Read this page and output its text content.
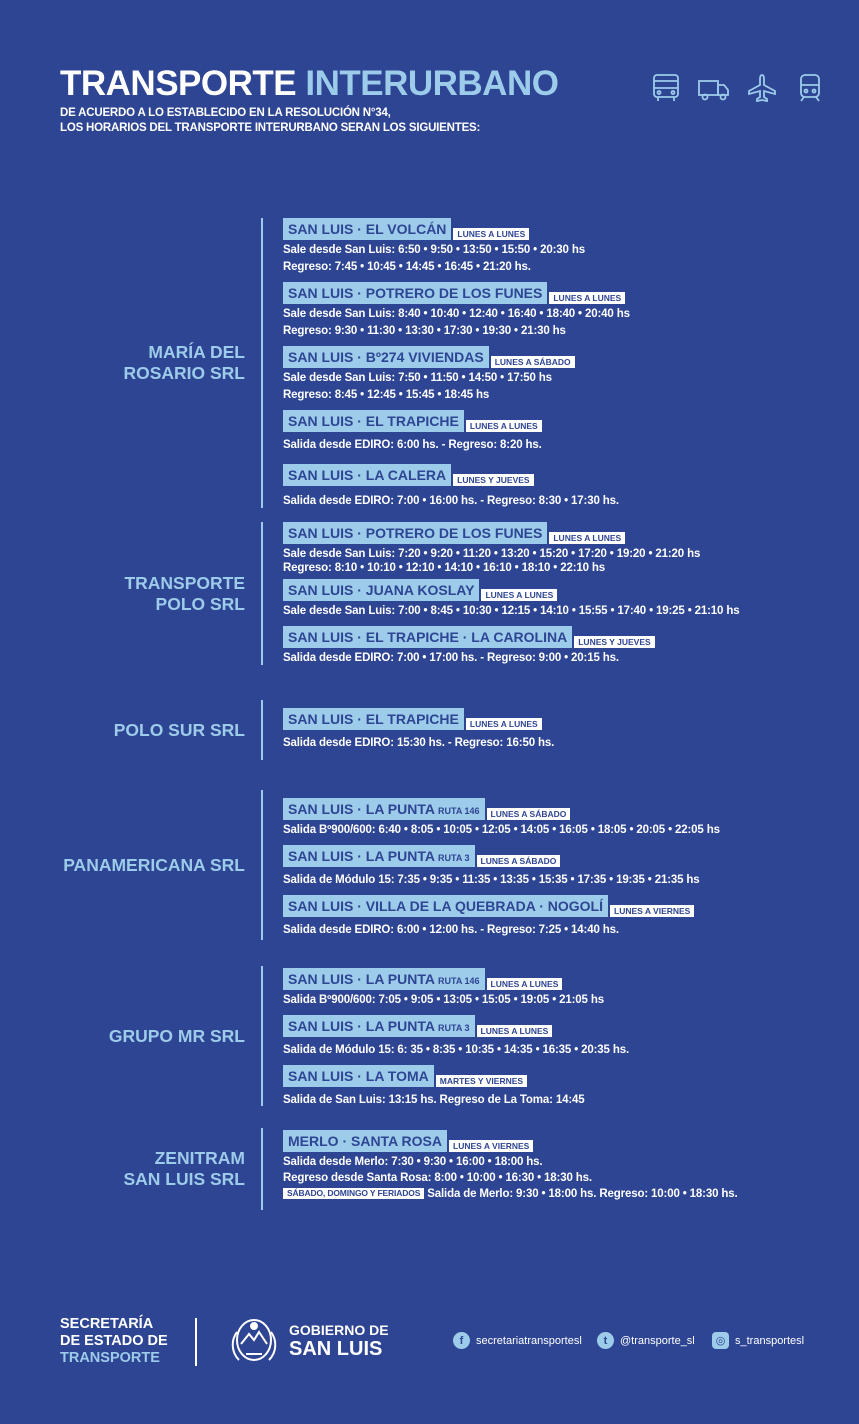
TRANSPORTE INTERURBANO
DE ACUERDO A LO ESTABLECIDO EN LA RESOLUCIÓN N°34,
LOS HORARIOS DEL TRANSPORTE INTERURBANO SERAN LOS SIGUIENTES:
MARÍA DEL
ROSARIO SRL
SAN LUIS · EL VOLCÁN	LUNES A LUNES
Sale desde San Luis: 6:50 • 9:50 • 13:50 • 15:50 • 20:30 hs
Regreso: 7:45 • 10:45 • 14:45 • 16:45 • 21:20 hs.
SAN LUIS · POTRERO DE LOS FUNES	LUNES A LUNES
Sale desde San Luis: 8:40 • 10:40 • 12:40 • 16:40 • 18:40 • 20:40 hs
Regreso: 9:30 • 11:30 • 13:30 • 17:30 • 19:30 • 21:30 hs
SAN LUIS · Bº274 VIVIENDAS	LUNES A SÁBADO
Sale desde San Luis: 7:50 • 11:50 • 14:50 • 17:50 hs
Regreso: 8:45 • 12:45 • 15:45 • 18:45 hs
SAN LUIS · EL TRAPICHE	LUNES A LUNES
Salida desde EDIRO: 6:00 hs. - Regreso: 8:20 hs.
SAN LUIS · LA CALERA	LUNES Y JUEVES
Salida desde EDIRO: 7:00 • 16:00 hs. - Regreso: 8:30 • 17:30 hs.
TRANSPORTE
POLO SRL
SAN LUIS · POTRERO DE LOS FUNES	LUNES A LUNES
Sale desde San Luis: 7:20 • 9:20 • 11:20 • 13:20 • 15:20 • 17:20 • 19:20 • 21:20 hs
Regreso: 8:10 • 10:10 • 12:10 • 14:10 • 16:10 • 18:10 • 22:10 hs
SAN LUIS · JUANA KOSLAY	LUNES A LUNES
Sale desde San Luis: 7:00 • 8:45 • 10:30 • 12:15 • 14:10 • 15:55 • 17:40 • 19:25 • 21:10 hs
SAN LUIS · EL TRAPICHE · LA CAROLINA	LUNES Y JUEVES
Salida desde EDIRO: 7:00 • 17:00 hs. - Regreso: 9:00 • 20:15 hs.
POLO SUR SRL
SAN LUIS · EL TRAPICHE	LUNES A LUNES
Salida desde EDIRO: 15:30 hs. - Regreso: 16:50 hs.
PANAMERICANA SRL
SAN LUIS · LA PUNTA RUTA 146	LUNES A SÁBADO
Salida Bº900/600: 6:40 • 8:05 • 10:05 • 12:05 • 14:05 • 16:05 • 18:05 • 20:05 • 22:05 hs
SAN LUIS · LA PUNTA RUTA 3	LUNES A SÁBADO
Salida de Módulo 15: 7:35 • 9:35 • 11:35 • 13:35 • 15:35 • 17:35 • 19:35 • 21:35 hs
SAN LUIS · VILLA DE LA QUEBRADA · NOGOLÍ	LUNES A VIERNES
Salida desde EDIRO: 6:00 • 12:00 hs. - Regreso: 7:25 • 14:40 hs.
GRUPO MR SRL
SAN LUIS · LA PUNTA RUTA 146	LUNES A LUNES
Salida Bº900/600: 7:05 • 9:05 • 13:05 • 15:05 • 19:05 • 21:05 hs
SAN LUIS · LA PUNTA RUTA 3	LUNES A LUNES
Salida de Módulo 15: 6: 35 • 8:35 • 10:35 • 14:35 • 16:35 • 20:35 hs.
SAN LUIS · LA TOMA	MARTES Y VIERNES
Salida de San Luis: 13:15 hs. Regreso de La Toma: 14:45
ZENITRAM
SAN LUIS SRL
MERLO · SANTA ROSA	LUNES A VIERNES
Salida desde Merlo: 7:30 • 9:30 • 16:00 • 18:00 hs.
Regreso desde Santa Rosa: 8:00 • 10:00 • 16:30 • 18:30 hs.
SÁBADO, DOMINGO Y FERIADOS Salida de Merlo: 9:30 • 18:00 hs. Regreso: 10:00 • 18:30 hs.
SECRETARÍA
DE ESTADO DE
TRANSPORTE
GOBIERNO DE
SAN LUIS	f	secretariatransportesl	t	@transporte_sl	◎ s_transportesl
